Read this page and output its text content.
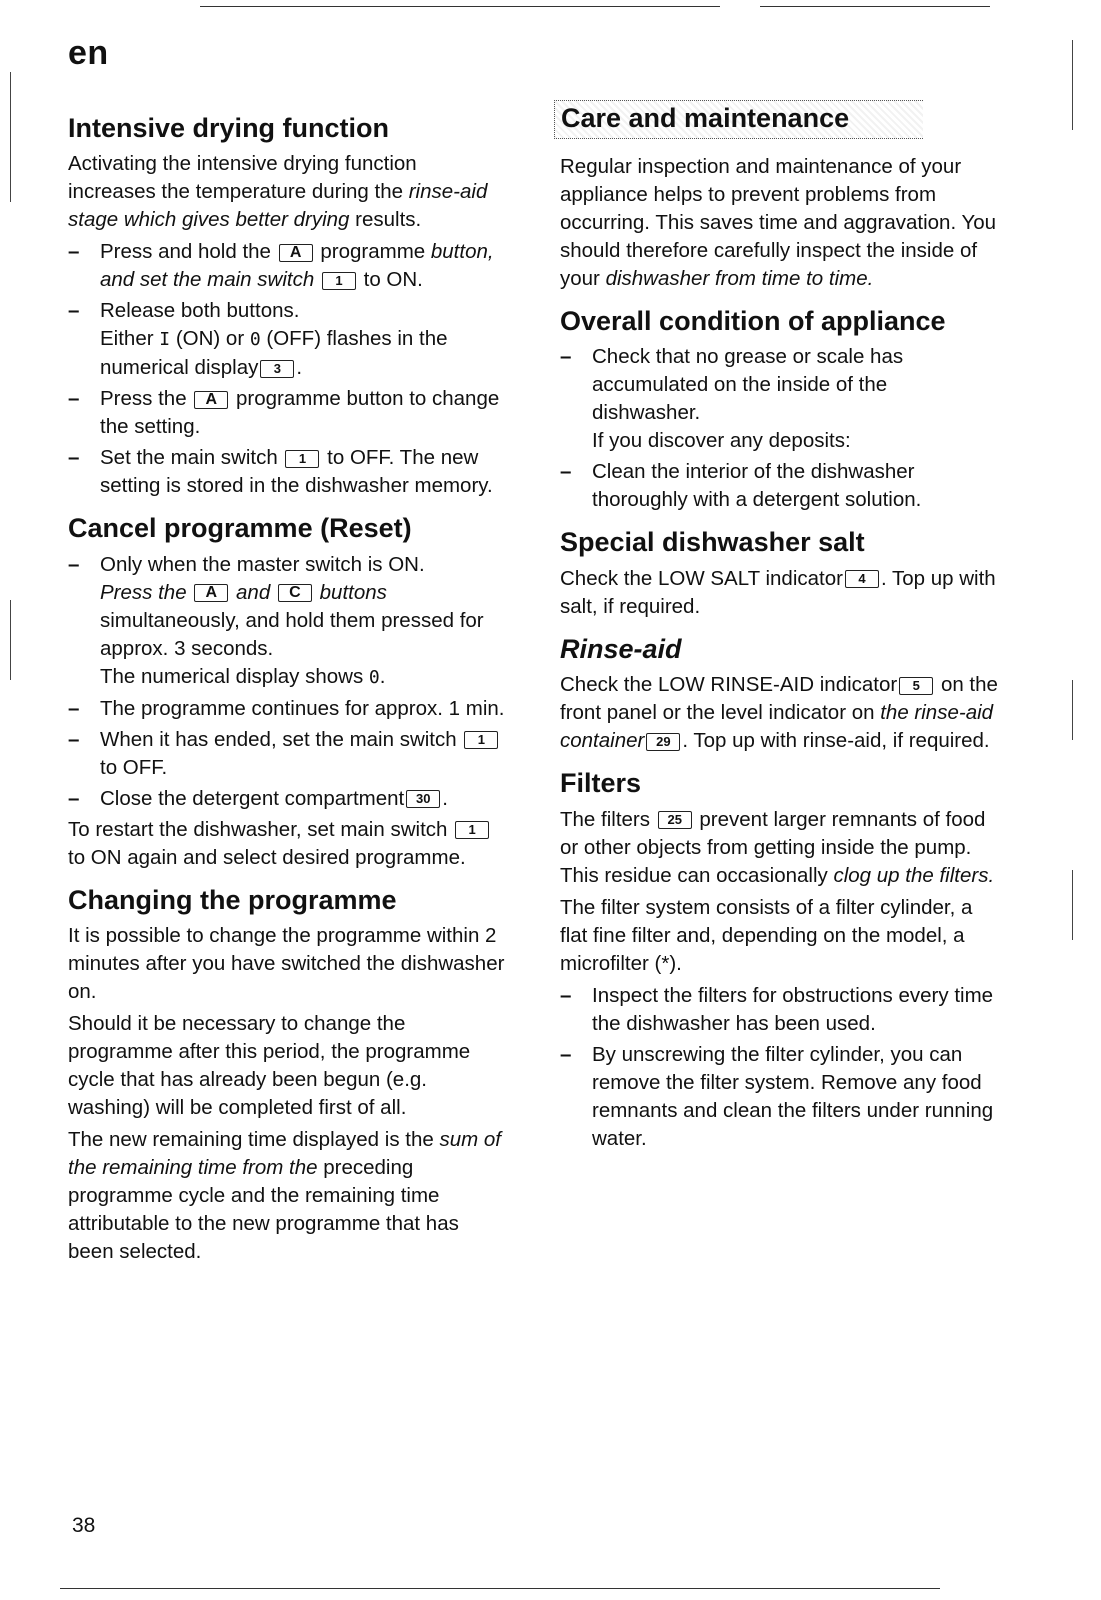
en
Intensive drying function

Activating the intensive drying function increases the temperature during the rinse-aid stage which gives better drying results.

– Press and hold the A programme button, and set the main switch 1 to ON.
– Release both buttons.
Either I (ON) or 0 (OFF) flashes in the numerical display 3 .
– Press the A programme button to change the setting.
– Set the main switch 1 to OFF. The new setting is stored in the dishwasher memory.
Cancel programme (Reset)
– Only when the master switch is ON.
Press the A and C buttons
simultaneously, and hold them pressed for approx. 3 seconds.
The numerical display shows 0.
– The programme continues for approx. 1 min.
– When it has ended, set the main switch 1 to OFF.
– Close the detergent compartment 30 .

To restart the dishwasher, set main switch 1 to ON again and select desired programme.

Changing the programme

It is possible to change the programme within 2 minutes after you have switched the dishwasher on.

Should it be necessary to change the programme after this period, the programme cycle that has already been begun (e.g. washing) will be completed first of all.

The new remaining time displayed is the sum of the remaining time from the preceding programme cycle and the remaining time attributable to the new programme that has been selected.

Care and maintenance

Regular inspection and maintenance of your appliance helps to prevent problems from occurring. This saves time and aggravation. You should therefore carefully inspect the inside of your dishwasher from time to time.

Overall condition of appliance
– Check that no grease or scale has accumulated on the inside of the dishwasher.
If you discover any deposits:
– Clean the interior of the dishwasher thoroughly with a detergent solution.
Special dishwasher salt

Check the LOW SALT indicator 4 . Top up with salt, if required.

Rinse-aid

Check the LOW RINSE-AID indicator 5 on the front panel or the level indicator on the rinse-aid container 29 . Top up with rinse-aid, if required.

Filters

The filters 25 prevent larger remnants of food or other objects from getting inside the pump. This residue can occasionally clog up the filters.

The filter system consists of a filter cylinder, a flat fine filter and, depending on the model, a microfilter (*).

– Inspect the filters for obstructions every time the dishwasher has been used.
– By unscrewing the filter cylinder, you can remove the filter system. Remove any food remnants and clean the filters under running water.
38
